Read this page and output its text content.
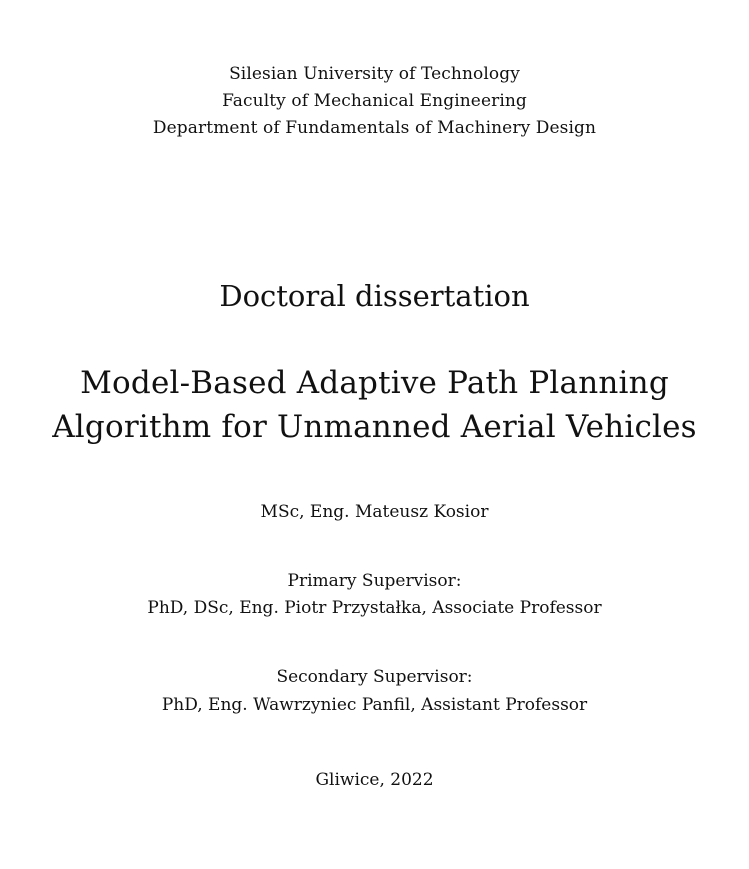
Silesian University of Technology
Faculty of Mechanical Engineering
Department of Fundamentals of Machinery Design
Doctoral dissertation
Model-Based Adaptive Path Planning
Algorithm for Unmanned Aerial Vehicles
MSc, Eng. Mateusz Kosior
Primary Supervisor:
PhD, DSc, Eng. Piotr Przystałka, Associate Professor
Secondary Supervisor:
PhD, Eng. Wawrzyniec Panfil, Assistant Professor
Gliwice, 2022
